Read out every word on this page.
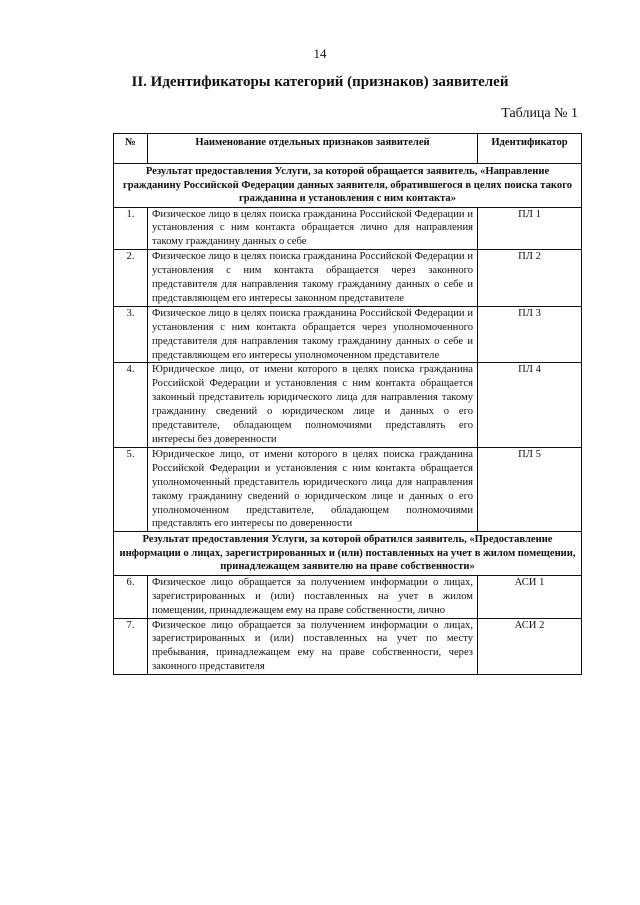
14
II. Идентификаторы категорий (признаков) заявителей
Таблица № 1
№	Наименование отдельных признаков заявителей	Идентификатор
Результат предоставления Услуги, за которой обращается заявитель, «Направление гражданину Российской Федерации данных заявителя, обратившегося в целях поиска такого гражданина и установления с ним контакта»		
1.	Физическое лицо в целях поиска гражданина Российской Федерации и установления с ним контакта обращается лично для направления такому гражданину данных о себе	ПЛ 1
2.	Физическое лицо в целях поиска гражданина Российской Федерации и установления с ним контакта обращается через законного представителя для направления такому гражданину данных о себе и представляющем его интересы законном представителе	ПЛ 2
3.	Физическое лицо в целях поиска гражданина Российской Федерации и установления с ним контакта обращается через уполномоченного представителя для направления такому гражданину данных о себе и представляющем его интересы уполномоченном представителе	ПЛ 3
4.	Юридическое лицо, от имени которого в целях поиска гражданина Российской Федерации и установления с ним контакта обращается законный представитель юридического лица для направления такому гражданину сведений о юридическом лице и данных о его представителе, обладающем полномочиями представлять его интересы без доверенности	ПЛ 4
5.	Юридическое лицо, от имени которого в целях поиска гражданина Российской Федерации и установления с ним контакта обращается уполномоченный представитель юридического лица для направления такому гражданину сведений о юридическом лице и данных о его уполномоченном представителе, обладающем полномочиями представлять его интересы по доверенности	ПЛ 5
Результат предоставления Услуги, за которой обратился заявитель, «Предоставление информации о лицах, зарегистрированных и (или) поставленных на учет в жилом помещении, принадлежащем заявителю на праве собственности»		
6.	Физическое лицо обращается за получением информации о лицах, зарегистрированных и (или) поставленных на учет в жилом помещении, принадлежащем ему на праве собственности, лично	АСИ 1
7.	Физическое лицо обращается за получением информации о лицах, зарегистрированных и (или) поставленных на учет по месту пребывания, принадлежащем ему на праве собственности, через законного представителя	АСИ 2
